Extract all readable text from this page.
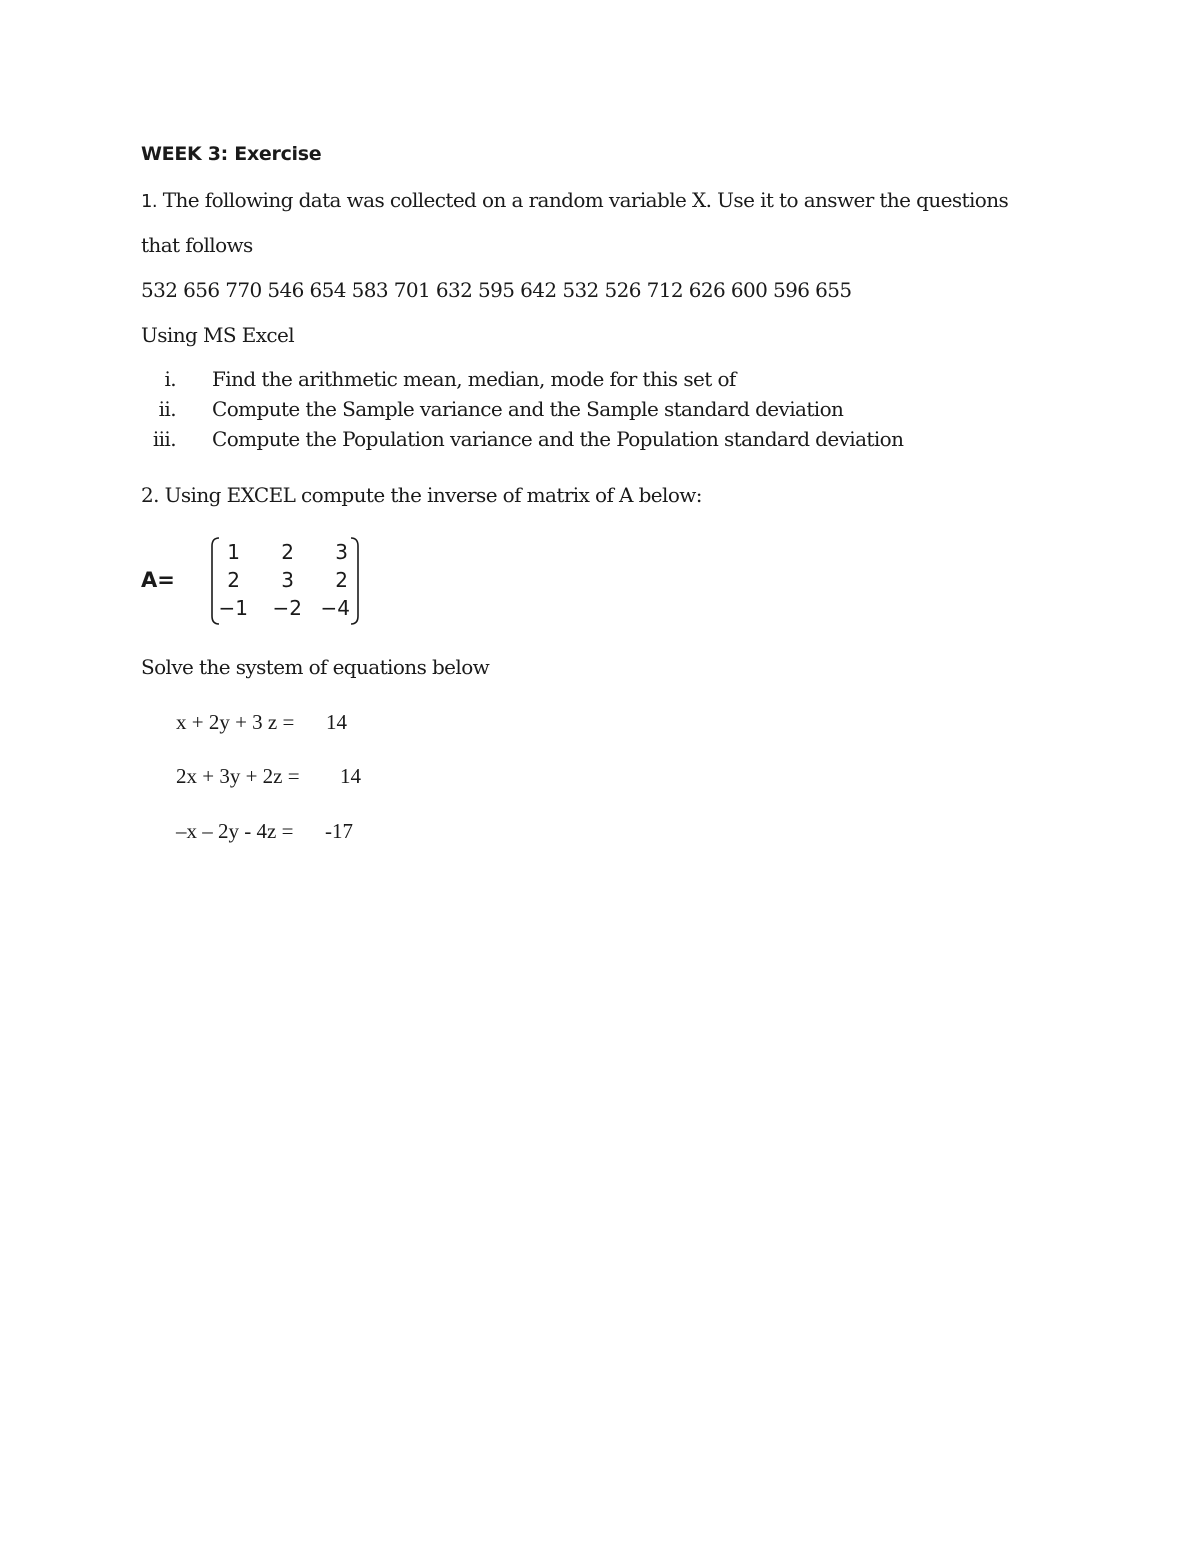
WEEK 3: Exercise
1. The following data was collected on a random variable X. Use it to answer the questions
that follows
532 656 770 546 654 583 701 632 595 642 532 526 712 626 600 596 655
Using MS Excel
i. Find the arithmetic mean, median, mode for this set of
ii. Compute the Sample variance and the Sample standard deviation
iii. Compute the Population variance and the Population standard deviation
2. Using EXCEL compute the inverse of matrix of A below:
A=
1	2	3
2	3	2
−1	−2 −4
Solve the system of equations below
x + 2y + 3 z = 14
2x + 3y + 2z = 14
–x – 2y - 4z = -17
